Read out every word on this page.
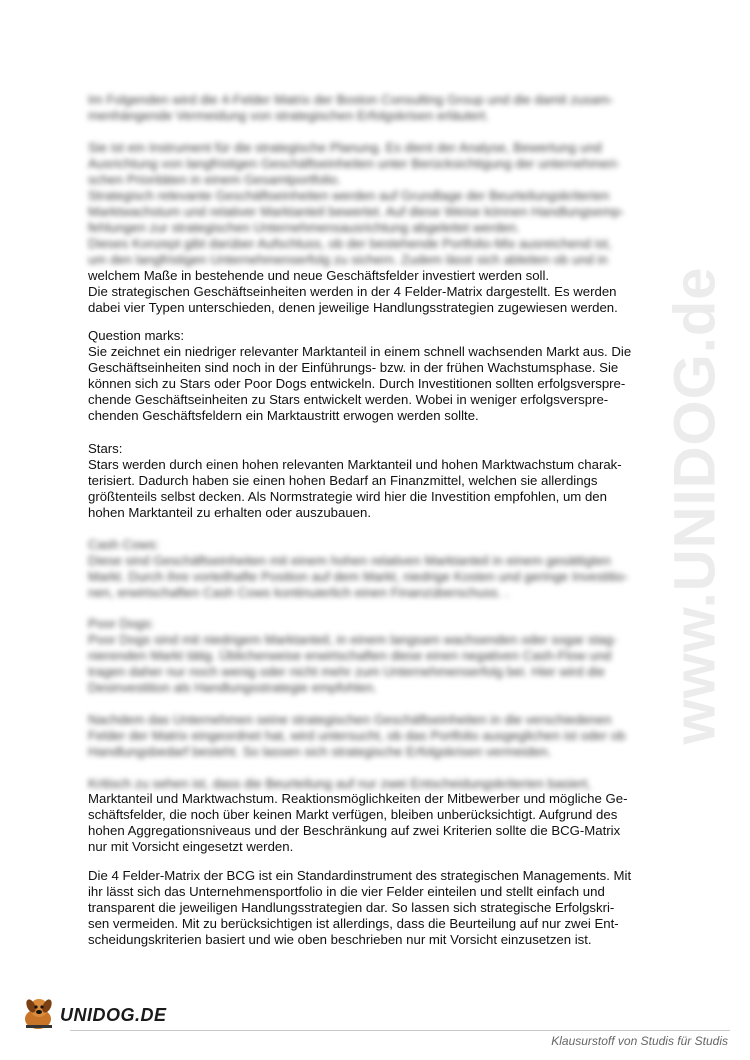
www.UNIDOG.de

Im Folgenden wird die 4-Felder Matrix der Boston Consulting Group und die damit zusam-
menhängende Vermeidung von strategischen Erfolgskrisen erläutert.

Sie ist ein Instrument für die strategische Planung. Es dient der Analyse, Bewertung und
Ausrichtung von langfristigen Geschäftseinheiten unter Berücksichtigung der unternehmeri-
schen Prioritäten in einem Gesamtportfolio.
Strategisch relevante Geschäftseinheiten werden auf Grundlage der Beurteilungskriterien
Marktwachstum und relativer Marktanteil bewertet. Auf diese Weise können Handlungsemp-
fehlungen zur strategischen Unternehmensausrichtung abgeleitet werden.
Dieses Konzept gibt darüber Aufschluss, ob der bestehende Portfolio-Mix ausreichend ist,
um den langfristigen Unternehmenserfolg zu sichern. Zudem lässt sich ableiten ob und in

welchem Maße in bestehende und neue Geschäftsfelder investiert werden soll.
Die strategischen Geschäftseinheiten werden in der 4 Felder-Matrix dargestellt. Es werden
dabei vier Typen unterschieden, denen jeweilige Handlungsstrategien zugewiesen werden.

Question marks:
Sie zeichnet ein niedriger relevanter Marktanteil in einem schnell wachsenden Markt aus. Die
Geschäftseinheiten sind noch in der Einführungs- bzw. in der frühen Wachstumsphase. Sie
können sich zu Stars oder Poor Dogs entwickeln. Durch Investitionen sollten erfolgsverspre-
chende Geschäftseinheiten zu Stars entwickelt werden. Wobei in weniger erfolgsverspre-
chenden Geschäftsfeldern ein Marktaustritt erwogen werden sollte.

Stars:
Stars werden durch einen hohen relevanten Marktanteil und hohen Marktwachstum charak-
terisiert. Dadurch haben sie einen hohen Bedarf an Finanzmittel, welchen sie allerdings
größtenteils selbst decken. Als Normstrategie wird hier die Investition empfohlen, um den
hohen Marktanteil zu erhalten oder auszubauen.

Cash Cows:
Diese sind Geschäftseinheiten mit einem hohen relativen Marktanteil in einem gesättigten
Markt. Durch ihre vorteilhafte Position auf dem Markt, niedrige Kosten und geringe Investitio-
nen, erwirtschaften Cash Cows kontinuierlich einen Finanzüberschuss. .

Poor Dogs:
Poor Dogs sind mit niedrigem Marktanteil, in einem langsam wachsenden oder sogar stag-
nierenden Markt tätig. Üblicherweise erwirtschaften diese einen negativen Cash-Flow und
tragen daher nur noch wenig oder nicht mehr zum Unternehmenserfolg bei. Hier wird die
Desinvestition als Handlungsstrategie empfohlen.

Nachdem das Unternehmen seine strategischen Geschäftseinheiten in die verschiedenen
Felder der Matrix eingeordnet hat, wird untersucht, ob das Portfolio ausgeglichen ist oder ob
Handlungsbedarf besteht. So lassen sich strategische Erfolgskrisen vermeiden.

Kritisch zu sehen ist, dass die Beurteilung auf nur zwei Entscheidungskriterien basiert,

Marktanteil und Marktwachstum. Reaktionsmöglichkeiten der Mitbewerber und mögliche Ge-
schäftsfelder, die noch über keinen Markt verfügen, bleiben unberücksichtigt. Aufgrund des
hohen Aggregationsniveaus und der Beschränkung auf zwei Kriterien sollte die BCG-Matrix
nur mit Vorsicht eingesetzt werden.

Die 4 Felder-Matrix der BCG ist ein Standardinstrument des strategischen Managements. Mit
ihr lässt sich das Unternehmensportfolio in die vier Felder einteilen und stellt einfach und
transparent die jeweiligen Handlungsstrategien dar. So lassen sich strategische Erfolgskri-
sen vermeiden. Mit zu berücksichtigen ist allerdings, dass die Beurteilung auf nur zwei Ent-
scheidungskriterien basiert und wie oben beschrieben nur mit Vorsicht einzusetzen ist.

UNIDOG.DE
Klausurstoff von Studis für Studis
